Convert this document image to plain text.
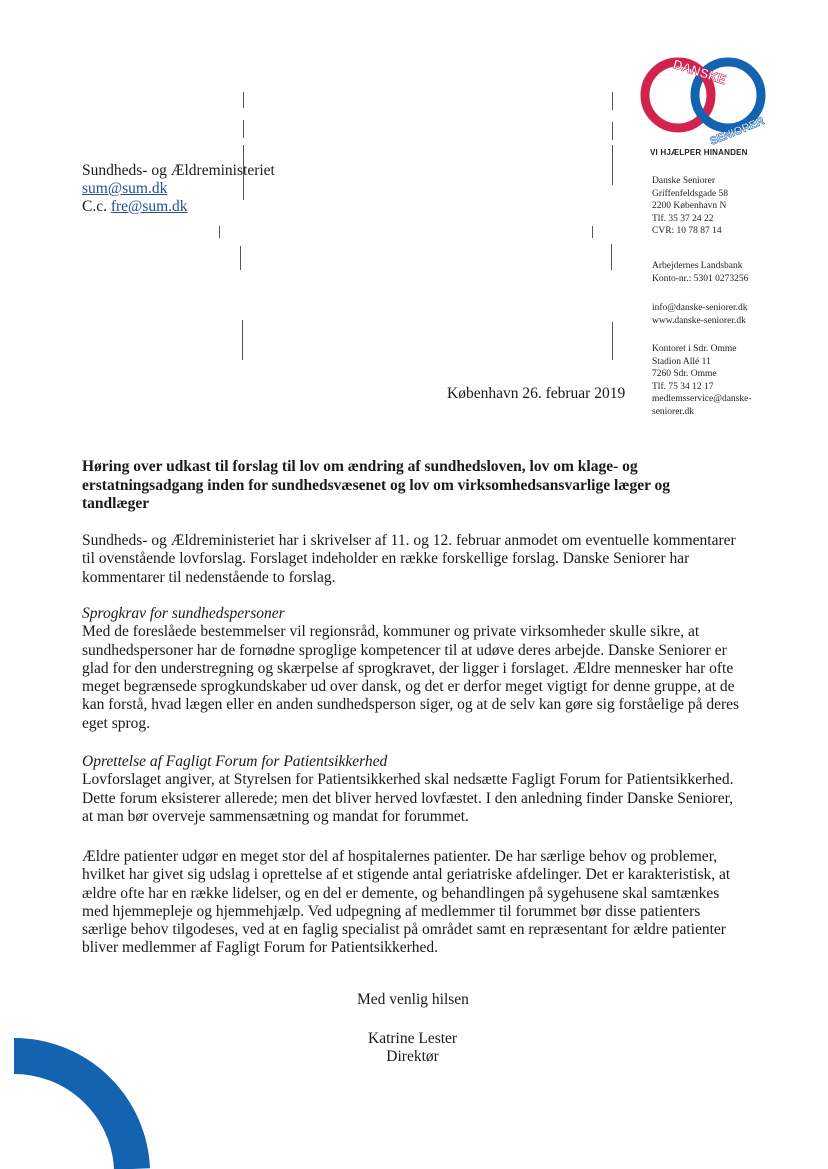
Sundheds- og Ældreministeriet
sum@sum.dk
C.c. fre@sum.dk
DANSKE
SENIORER
VI HJÆLPER HINANDEN
Danske Seniorer
Griffenfeldsgade 58
2200 København N
Tlf. 35 37 24 22
CVR: 10 78 87 14
Arbejdernes Landsbank
Konto-nr.: 5301 0273256
info@danske-seniorer.dk
www.danske-seniorer.dk
Kontoret i Sdr. Omme
Stadion Allé 11
7260 Sdr. Omme
Tlf. 75 34 12 17
medlemsservice@danske-
seniorer.dk
København 26. februar 2019
Høring over udkast til forslag til lov om ændring af sundhedsloven, lov om klage- og erstatningsadgang inden for sundhedsvæsenet og lov om virksomhedsansvarlige læger og tandlæger
Sundheds- og Ældreministeriet har i skrivelser af 11. og 12. februar anmodet om eventuelle kommentarer til ovenstående lovforslag. Forslaget indeholder en række forskellige forslag. Danske Seniorer har kommentarer til nedenstående to forslag.
Sprogkrav for sundhedspersoner
Med de foreslåede bestemmelser vil regionsråd, kommuner og private virksomheder skulle sikre, at sundhedspersoner har de fornødne sproglige kompetencer til at udøve deres arbejde. Danske Seniorer er glad for den understregning og skærpelse af sprogkravet, der ligger i forslaget. Ældre mennesker har ofte meget begrænsede sprogkundskaber ud over dansk, og det er derfor meget vigtigt for denne gruppe, at de kan forstå, hvad lægen eller en anden sundhedsperson siger, og at de selv kan gøre sig forståelige på deres eget sprog.
Oprettelse af Fagligt Forum for Patientsikkerhed
Lovforslaget angiver, at Styrelsen for Patientsikkerhed skal nedsætte Fagligt Forum for Patientsikkerhed. Dette forum eksisterer allerede; men det bliver herved lovfæstet. I den anledning finder Danske Seniorer, at man bør overveje sammensætning og mandat for forummet.
Ældre patienter udgør en meget stor del af hospitalernes patienter. De har særlige behov og problemer, hvilket har givet sig udslag i oprettelse af et stigende antal geriatriske afdelinger. Det er karakteristisk, at ældre ofte har en række lidelser, og en del er demente, og behandlingen på sygehusene skal samtænkes med hjemmepleje og hjemmehjælp. Ved udpegning af medlemmer til forummet bør disse patienters særlige behov tilgodeses, ved at en faglig specialist på området samt en repræsentant for ældre patienter bliver medlemmer af Fagligt Forum for Patientsikkerhed.
Med venlig hilsen
Katrine Lester
Direktør
